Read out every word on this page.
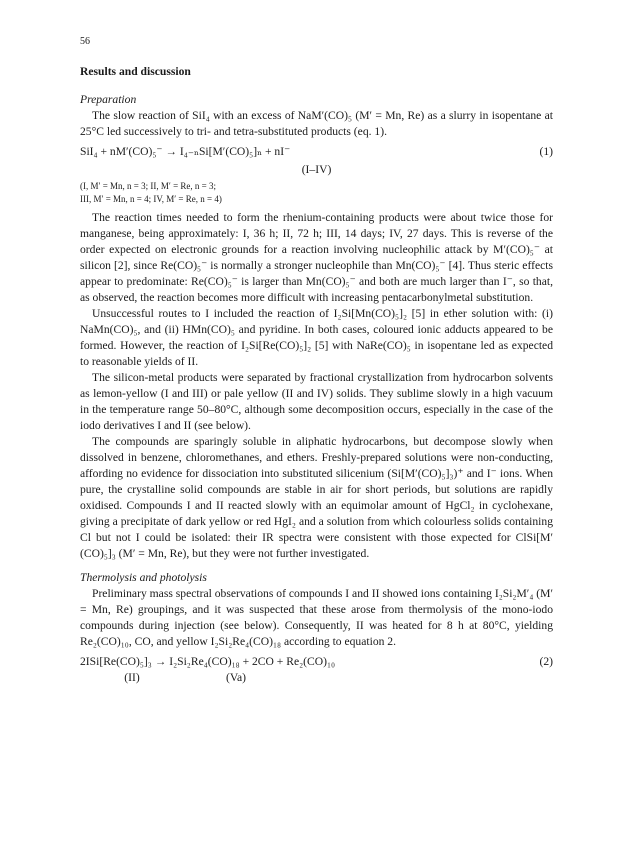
56
Results and discussion
Preparation

The slow reaction of SiI₄ with an excess of NaM′(CO)₅ (M′ = Mn, Re) as a slurry in isopentane at 25°C led successively to tri- and tetra-substituted products (eq. 1).

SiI₄ + nM′(CO)₅⁻ → I₄₋ₙSi[M′(CO)₅]ₙ + nI⁻	(1)
(I–IV)
(I, M′ = Mn, n = 3; II, M′ = Re, n = 3;
III, M′ = Mn, n = 4; IV, M′ = Re, n = 4)

The reaction times needed to form the rhenium-containing products were about twice those for manganese, being approximately: I, 36 h; II, 72 h; III, 14 days; IV, 27 days. This is reverse of the order expected on electronic grounds for a reaction involving nucleophilic attack by M′(CO)₅⁻ at silicon [2], since Re(CO)₅⁻ is normally a stronger nucleophile than Mn(CO)₅⁻ [4]. Thus steric effects appear to predominate: Re(CO)₅⁻ is larger than Mn(CO)₅⁻ and both are much larger than I⁻, so that, as observed, the reaction becomes more difficult with increasing pentacarbonylmetal substitution.

Unsuccessful routes to I included the reaction of I₂Si[Mn(CO)₅]₂ [5] in ether solution with: (i) NaMn(CO)₅, and (ii) HMn(CO)₅ and pyridine. In both cases, coloured ionic adducts appeared to be formed. However, the reaction of I₂Si[Re(CO)₅]₂ [5] with NaRe(CO)₅ in isopentane led as expected to reasonable yields of II.

The silicon-metal products were separated by fractional crystallization from hydrocarbon solvents as lemon-yellow (I and III) or pale yellow (II and IV) solids. They sublime slowly in a high vacuum in the temperature range 50–80°C, although some decomposition occurs, especially in the case of the iodo derivatives I and II (see below).

The compounds are sparingly soluble in aliphatic hydrocarbons, but decompose slowly when dissolved in benzene, chloromethanes, and ethers. Freshly-prepared solutions were non-conducting, affording no evidence for dissociation into substituted silicenium (Si[M′(CO)₅]₃)⁺ and I⁻ ions. When pure, the crystalline solid compounds are stable in air for short periods, but solutions are rapidly oxidised. Compounds I and II reacted slowly with an equimolar amount of HgCl₂ in cyclohexane, giving a precipitate of dark yellow or red HgI₂ and a solution from which colourless solids containing Cl but not I could be isolated: their IR spectra were consistent with those expected for ClSi[M′(CO)₅]₃ (M′ = Mn, Re), but they were not further investigated.

Thermolysis and photolysis

Preliminary mass spectral observations of compounds I and II showed ions containing I₂Si₂M′₄ (M′ = Mn, Re) groupings, and it was suspected that these arose from thermolysis of the mono-iodo compounds during injection (see below). Consequently, II was heated for 8 h at 80°C, yielding Re₂(CO)₁₀, CO, and yellow I₂Si₂Re₄(CO)₁₈ according to equation 2.

2ISi[Re(CO)₅]₃ → I₂Si₂Re₄(CO)₁₈ + 2CO + Re₂(CO)₁₀	(2)
(II)	(Va)
